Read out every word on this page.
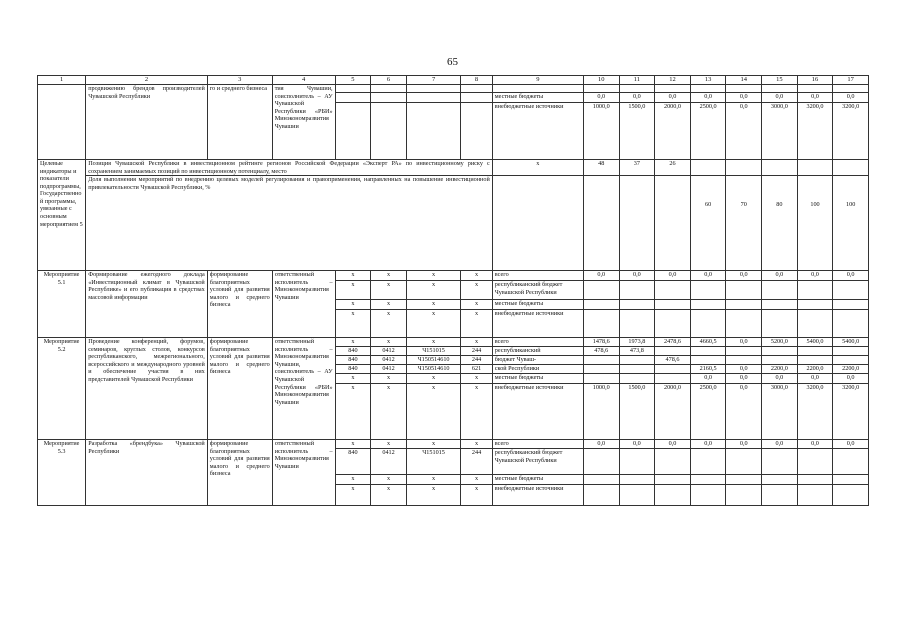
65
1	2	3	4	5	6	7	8	9	10	11	12	13	14	15	16	17
	продвижению брендов производителей Чувашской Республики	го и среднего бизнеса	тия Чувашии, соисполнитель – АУ Чувашской Республики «РБИ» Минэкономразвития Чувашии													
								местные бюджеты	0,0	0,0	0,0	0,0	0,0	0,0	0,0	0,0
								внебюджетные источники	1000,0	1500,0	2000,0	2500,0	0,0	3000,0	3200,0	3200,0
Целевые индикаторы и показатели подпрограммы, Государственной программы, увязанные с основным мероприятием 5	Позиция Чувашской Республики в инвестиционном рейтинге регионов Российской Федерации «Эксперт РА» по инвестиционному риску с сохранением занимаемых позиций по инвестиционному потенциалу, место							х	48	37	26					
	Доля выполнения мероприятий по внедрению целевых моделей регулирования и правоприменения, направленных на повышение инвестиционной привлекательности Чувашской Республики, %											60	70	80	100	100
Мероприятие 5.1	Формирование ежегодного доклада «Инвестиционный климат в Чувашской Республике» и его публикация в средствах массовой информации	формирование благоприятных условий для развития малого и среднего бизнеса	ответственный исполнитель – Минэкономразвития Чувашии	х	х	х	х	всего	0,0	0,0	0,0	0,0	0,0	0,0	0,0	0,0
				х	х	х	х	республиканский бюджет Чувашской Республики								
				х	х	х	х	местные бюджеты								
				х	х	х	х	внебюджетные источники								
Мероприятие 5.2	Проведение конференций, форумов, семинаров, круглых столов, конкурсов республиканского, межрегионального, всероссийского и международного уровней и обеспечение участия в них представителей Чувашской Республики	формирование благоприятных условий для развития малого и среднего бизнеса	ответственный исполнитель – Минэкономразвития Чувашии, соисполнитель – АУ Чувашской Республики «РБИ» Минэкономразвития Чувашии	х	х	х	х	всего	1478,6	1973,8	2478,6	4660,5	0,0	5200,0	5400,0	5400,0
				840	0412	Ч151015	244	республиканский	478,6	473,8						
				840	0412	Ч150514610	244	бюджет Чуваш-			478,6					
				840	0412	Ч150514610	621	ской Республики				2160,5	0,0	2200,0	2200,0	2200,0
				х	х	х	х	местные бюджеты				0,0	0,0	0,0	0,0	0,0
				х	х	х	х	внебюджетные источники	1000,0	1500,0	2000,0	2500,0	0,0	3000,0	3200,0	3200,0
Мероприятие 5.3	Разработка «брендбука» Чувашской Республики	формирование благоприятных условий для развития малого и среднего бизнеса	ответственный исполнитель – Минэкономразвития Чувашии	х	х	х	х	всего	0,0	0,0	0,0	0,0	0,0	0,0	0,0	0,0
				840	0412	Ч151015	244	республиканский бюджет Чувашской Республики								
				х	х	х	х	местные бюджеты								
				х	х	х	х	внебюджетные источники								
